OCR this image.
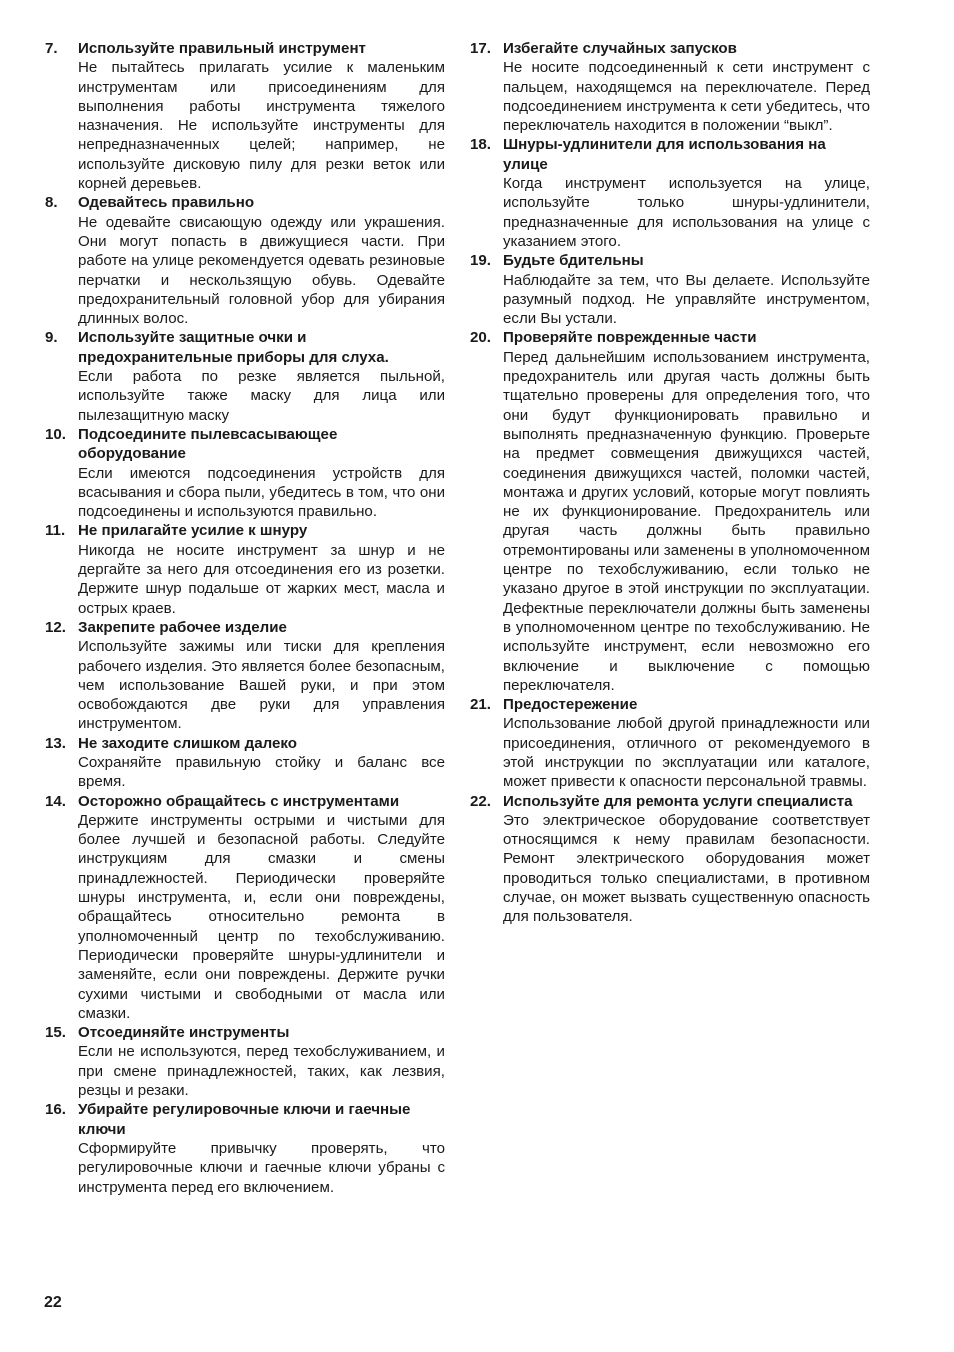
7. Используйте правильный инструмент
Не пытайтесь прилагать усилие к маленьким инструментам или присоединениям для выполнения работы инструмента тяжелого назначения. Не используйте инструменты для непредназначенных целей; например, не используйте дисковую пилу для резки веток или корней деревьев.
8. Одевайтесь правильно
Не одевайте свисающую одежду или украшения. Они могут попасть в движущиеся части. При работе на улице рекомендуется одевать резиновые перчатки и нескользящую обувь. Одевайте предохранительный головной убор для убирания длинных волос.
9. Используйте защитные очки и предохранительные приборы для слуха.
Если работа по резке является пыльной, используйте также маску для лица или пылезащитную маску
10. Подсоедините пылевсасывающее оборудование
Если имеются подсоединения устройств для всасывания и сбора пыли, убедитесь в том, что они подсоединены и используются правильно.
11. Не прилагайте усилие к шнуру
Никогда не носите инструмент за шнур и не дергайте за него для отсоединения его из розетки. Держите шнур подальше от жарких мест, масла и острых краев.
12. Закрепите рабочее изделие
Используйте зажимы или тиски для крепления рабочего изделия. Это является более безопасным, чем использование Вашей руки, и при этом освобождаются две руки для управления инструментом.
13. Не заходите слишком далеко
Сохраняйте правильную стойку и баланс все время.
14. Осторожно обращайтесь с инструментами
Держите инструменты острыми и чистыми для более лучшей и безопасной работы. Следуйте инструкциям для смазки и смены принадлежностей. Периодически проверяйте шнуры инструмента, и, если они повреждены, обращайтесь относительно ремонта в уполномоченный центр по техобслуживанию. Периодически проверяйте шнуры-удлинители и заменяйте, если они повреждены. Держите ручки сухими чистыми и свободными от масла или смазки.
15. Отсоединяйте инструменты
Если не используются, перед техобслуживанием, и при смене принадлежностей, таких, как лезвия, резцы и резаки.
16. Убирайте регулировочные ключи и гаечные ключи
Сформируйте привычку проверять, что регулировочные ключи и гаечные ключи убраны с инструмента перед его включением.
17. Избегайте случайных запусков
Не носите подсоединенный к сети инструмент с пальцем, находящемся на переключателе. Перед подсоединением инструмента к сети убедитесь, что переключатель находится в положении “выкл”.
18. Шнуры-удлинители для использования на улице
Когда инструмент используется на улице, используйте только шнуры-удлинители, предназначенные для использования на улице с указанием этого.
19. Будьте бдительны
Наблюдайте за тем, что Вы делаете. Используйте разумный подход. Не управляйте инструментом, если Вы устали.
20. Проверяйте поврежденные части
Перед дальнейшим использованием инструмента, предохранитель или другая часть должны быть тщательно проверены для определения того, что они будут функционировать правильно и выполнять предназначенную функцию. Проверьте на предмет совмещения движущихся частей, соединения движущихся частей, поломки частей, монтажа и других условий, которые могут повлиять не их функционирование. Предохранитель или другая часть должны быть правильно отремонтированы или заменены в уполномоченном центре по техобслуживанию, если только не указано другое в этой инструкции по эксплуатации. Дефектные переключатели должны быть заменены в уполномоченном центре по техобслуживанию. Не используйте инструмент, если невозможно его включение и выключение с помощью переключателя.
21. Предостережение
Использование любой другой принадлежности или присоединения, отличного от рекомендуемого в этой инструкции по эксплуатации или каталоге, может привести к опасности персональной травмы.
22. Используйте для ремонта услуги специалиста
Это электрическое оборудование соответствует относящимся к нему правилам безопасности. Ремонт электрического оборудования может проводиться только специалистами, в противном случае, он может вызвать существенную опасность для пользователя.
22
